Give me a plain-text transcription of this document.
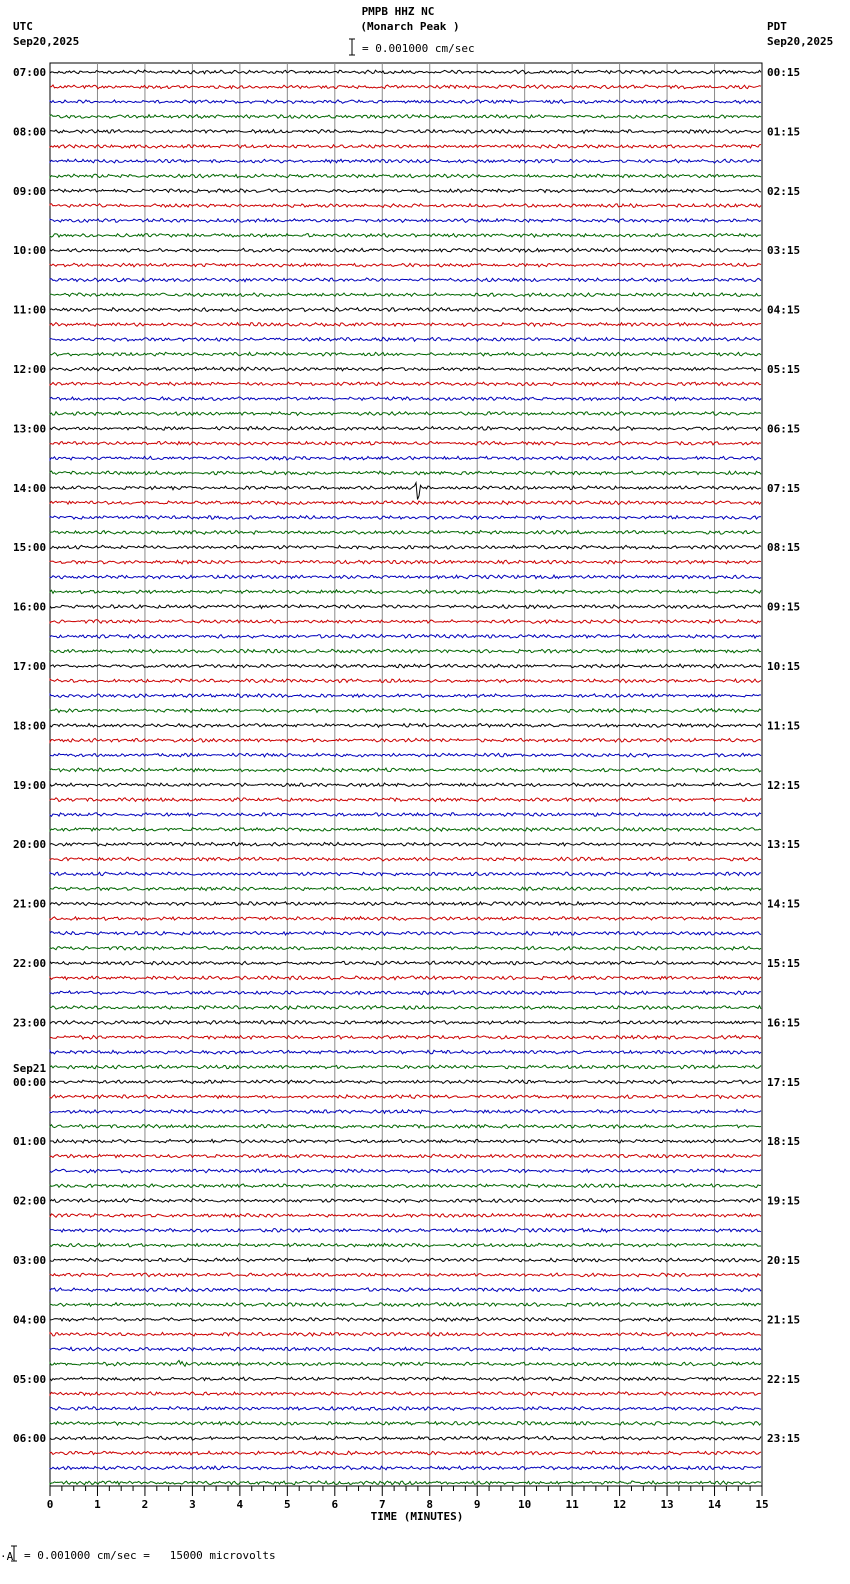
PMPB HHZ NC
(Monarch Peak )
= 0.001000 cm/sec
UTC
Sep20,2025
PDT
Sep20,2025
07:00
08:00
09:00
10:00
11:00
12:00
13:00
14:00
15:00
16:00
17:00
18:00
19:00
20:00
21:00
22:00
23:00
00:00
01:00
02:00
03:00
04:00
05:00
06:00
00:15
01:15
02:15
03:15
04:15
05:15
06:15
07:15
08:15
09:15
10:15
11:15
12:15
13:15
14:15
15:15
16:15
17:15
18:15
19:15
20:15
21:15
22:15
23:15
Sep21
0	1	2	3	4	5	6	7	8	9	10	11	12	13	14	15
TIME (MINUTES)
·A = 0.001000 cm/sec =   15000 microvolts
